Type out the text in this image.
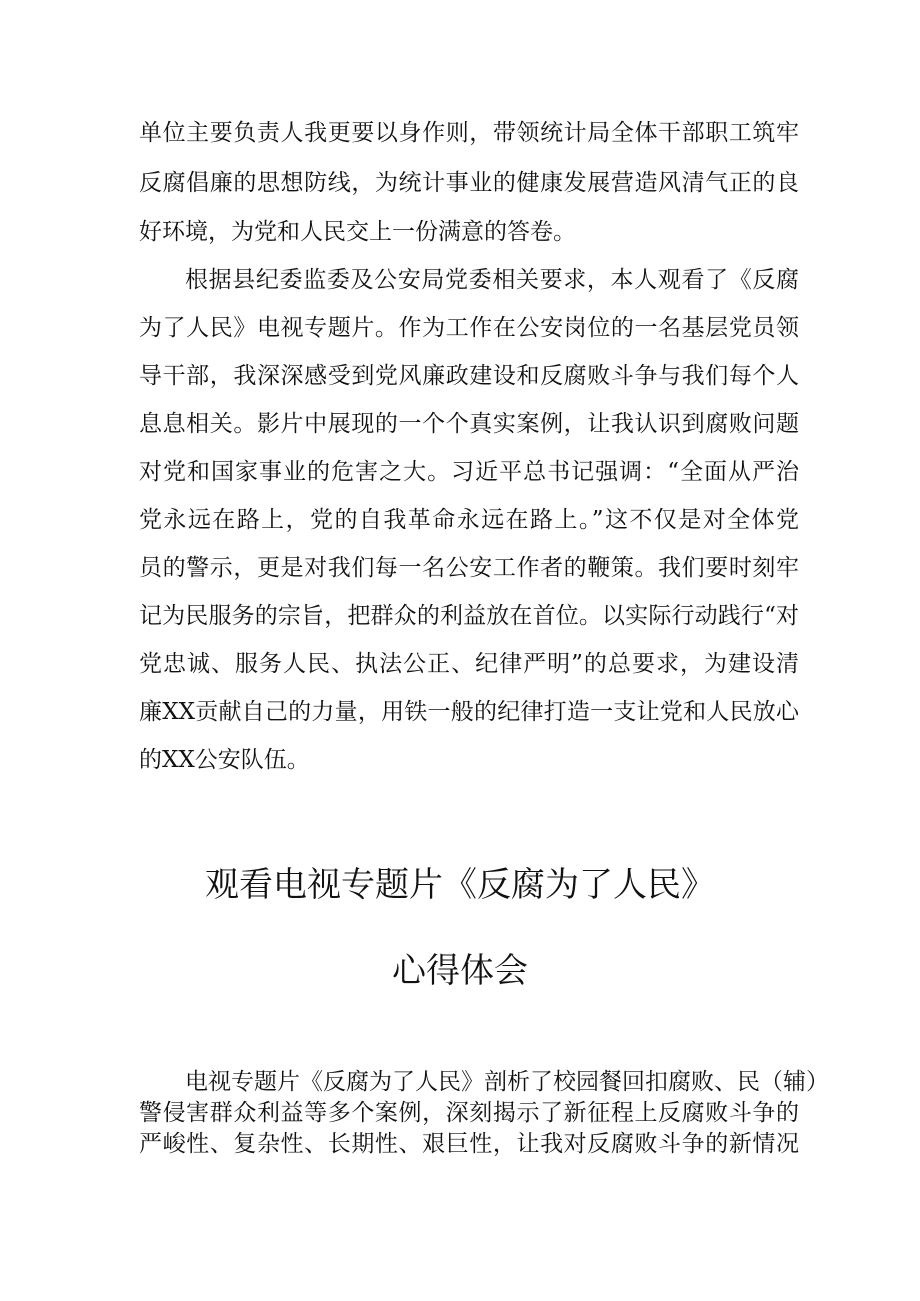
单位主要负责人我更要以身作则，带领统计局全体干部职工筑牢
反腐倡廉的思想防线，为统计事业的健康发展营造风清气正的良
好环境，为党和人民交上一份满意的答卷。
根据县纪委监委及公安局党委相关要求，本人观看了《反腐
为了人民》电视专题片。作为工作在公安岗位的一名基层党员领
导干部，我深深感受到党风廉政建设和反腐败斗争与我们每个人
息息相关。影片中展现的一个个真实案例，让我认识到腐败问题
对党和国家事业的危害之大。习近平总书记强调：“全面从严治
党永远在路上，党的自我革命永远在路上。”这不仅是对全体党
员的警示，更是对我们每一名公安工作者的鞭策。我们要时刻牢
记为民服务的宗旨，把群众的利益放在首位。以实际行动践行“对
党忠诚、服务人民、执法公正、纪律严明”的总要求，为建设清
廉XX贡献自己的力量，用铁一般的纪律打造一支让党和人民放心
的XX公安队伍。
观看电视专题片《反腐为了人民》
心得体会
电视专题片《反腐为了人民》剖析了校园餐回扣腐败、民（辅）
警侵害群众利益等多个案例，深刻揭示了新征程上反腐败斗争的
严峻性、复杂性、长期性、艰巨性，让我对反腐败斗争的新情况
